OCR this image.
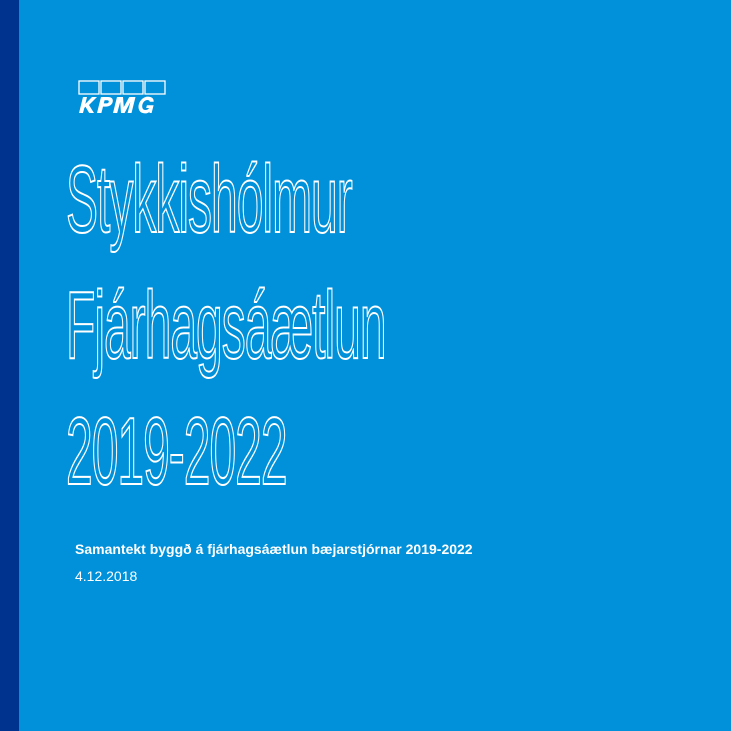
Stykkishólmur
Fjárhagsáætlun
2019-2022
Samantekt byggð á fjárhagsáætlun bæjarstjórnar 2019-2022
4.12.2018
